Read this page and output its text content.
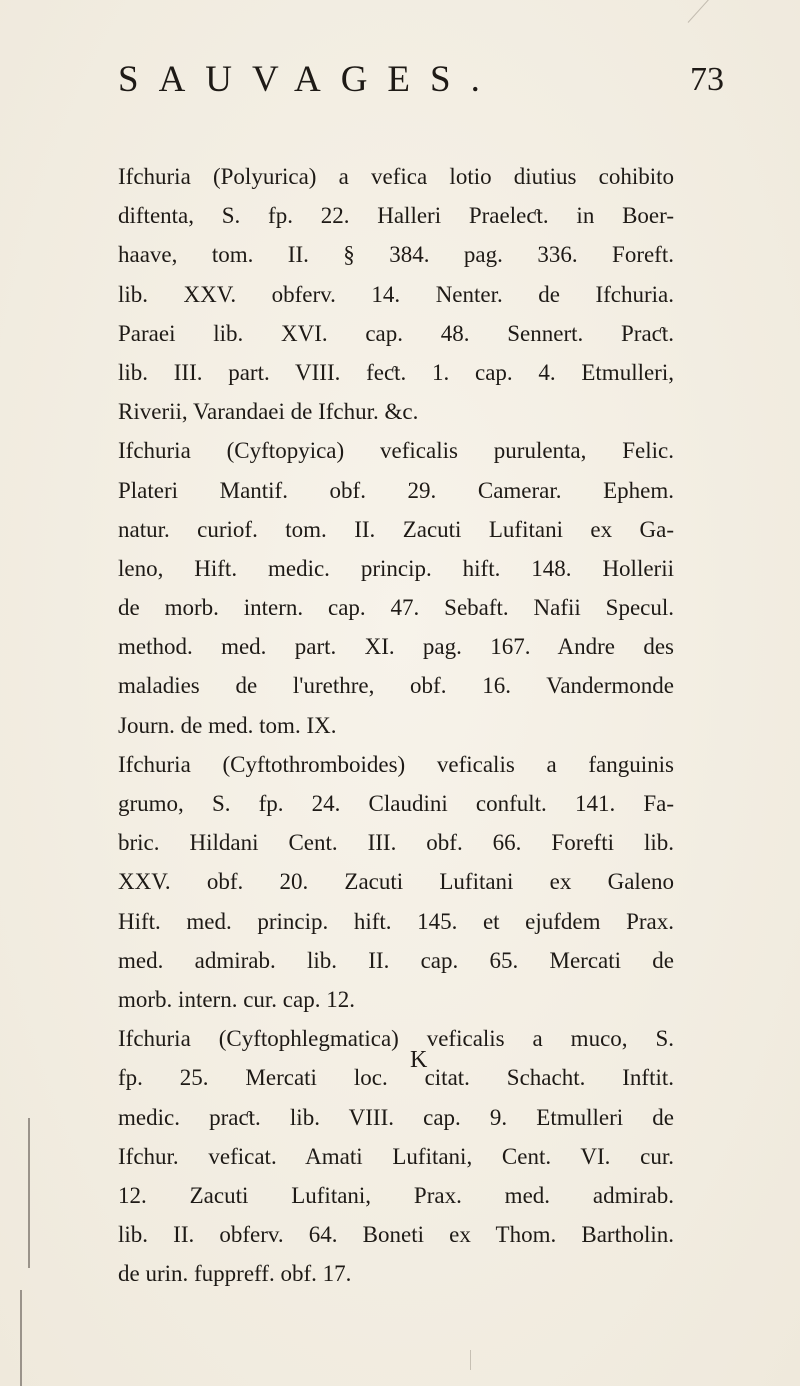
SAUVAGES.	73
Ifchuria (Polyurica) a vefica lotio diutius cohibito
diftenta, S. fp. 22. Halleri Praeleƈt. in Boer-
haave, tom. II. § 384. pag. 336. Foreft.
lib. XXV. obferv. 14. Nenter. de Ifchuria.
Paraei lib. XVI. cap. 48. Sennert. Praƈt.
lib. III. part. VIII. feƈt. 1. cap. 4. Etmulleri,
Riverii, Varandaei de Ifchur. &c.
Ifchuria (Cyftopyica) veficalis purulenta, Felic.
Plateri Mantif. obf. 29. Camerar. Ephem.
natur. curiof. tom. II. Zacuti Lufitani ex Ga-
leno, Hift. medic. princip. hift. 148. Hollerii
de morb. intern. cap. 47. Sebaft. Nafii Specul.
method. med. part. XI. pag. 167. Andre des
maladies de l'urethre, obf. 16. Vandermonde
Journ. de med. tom. IX.
Ifchuria (Cyftothromboides) veficalis a fanguinis
grumo, S. fp. 24. Claudini confult. 141. Fa-
bric. Hildani Cent. III. obf. 66. Forefti lib.
XXV. obf. 20. Zacuti Lufitani ex Galeno
Hift. med. princip. hift. 145. et ejufdem Prax.
med. admirab. lib. II. cap. 65. Mercati de
morb. intern. cur. cap. 12.
Ifchuria (Cyftophlegmatica) veficalis a muco, S.
fp. 25. Mercati loc. citat. Schacht. Inftit.
medic. praƈt. lib. VIII. cap. 9. Etmulleri de
Ifchur. veficat. Amati Lufitani, Cent. VI. cur.
12. Zacuti Lufitani, Prax. med. admirab.
lib. II. obferv. 64. Boneti ex Thom. Bartholin.
de urin. fuppreff. obf. 17.
K
